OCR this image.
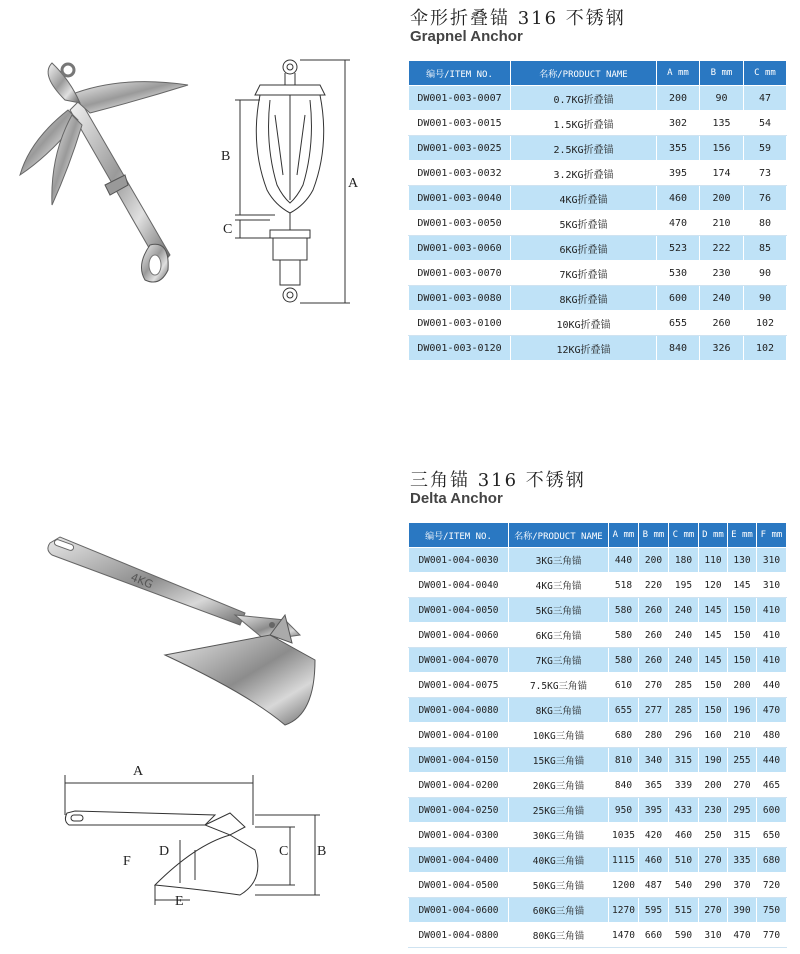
伞形折叠锚 316 不锈钢
Grapnel Anchor
B
A
C
编号/ITEM NO.	名称/PRODUCT NAME	A mm	B mm	C mm
DW001-003-0007	0.7KG折叠锚	200	90	47
DW001-003-0015	1.5KG折叠锚	302	135	54
DW001-003-0025	2.5KG折叠锚	355	156	59
DW001-003-0032	3.2KG折叠锚	395	174	73
DW001-003-0040	4KG折叠锚	460	200	76
DW001-003-0050	5KG折叠锚	470	210	80
DW001-003-0060	6KG折叠锚	523	222	85
DW001-003-0070	7KG折叠锚	530	230	90
DW001-003-0080	8KG折叠锚	600	240	90
DW001-003-0100	10KG折叠锚	655	260	102
DW001-003-0120	12KG折叠锚	840	326	102
三角锚 316 不锈钢
Delta Anchor
4KG
A
B
C
D
E
F
编号/ITEM NO.	名称/PRODUCT NAME	A mm	B mm	C mm	D mm	E mm	F mm
DW001-004-0030	3KG三角锚	440	200	180	110	130	310
DW001-004-0040	4KG三角锚	518	220	195	120	145	310
DW001-004-0050	5KG三角锚	580	260	240	145	150	410
DW001-004-0060	6KG三角锚	580	260	240	145	150	410
DW001-004-0070	7KG三角锚	580	260	240	145	150	410
DW001-004-0075	7.5KG三角锚	610	270	285	150	200	440
DW001-004-0080	8KG三角锚	655	277	285	150	196	470
DW001-004-0100	10KG三角锚	680	280	296	160	210	480
DW001-004-0150	15KG三角锚	810	340	315	190	255	440
DW001-004-0200	20KG三角锚	840	365	339	200	270	465
DW001-004-0250	25KG三角锚	950	395	433	230	295	600
DW001-004-0300	30KG三角锚	1035	420	460	250	315	650
DW001-004-0400	40KG三角锚	1115	460	510	270	335	680
DW001-004-0500	50KG三角锚	1200	487	540	290	370	720
DW001-004-0600	60KG三角锚	1270	595	515	270	390	750
DW001-004-0800	80KG三角锚	1470	660	590	310	470	770
